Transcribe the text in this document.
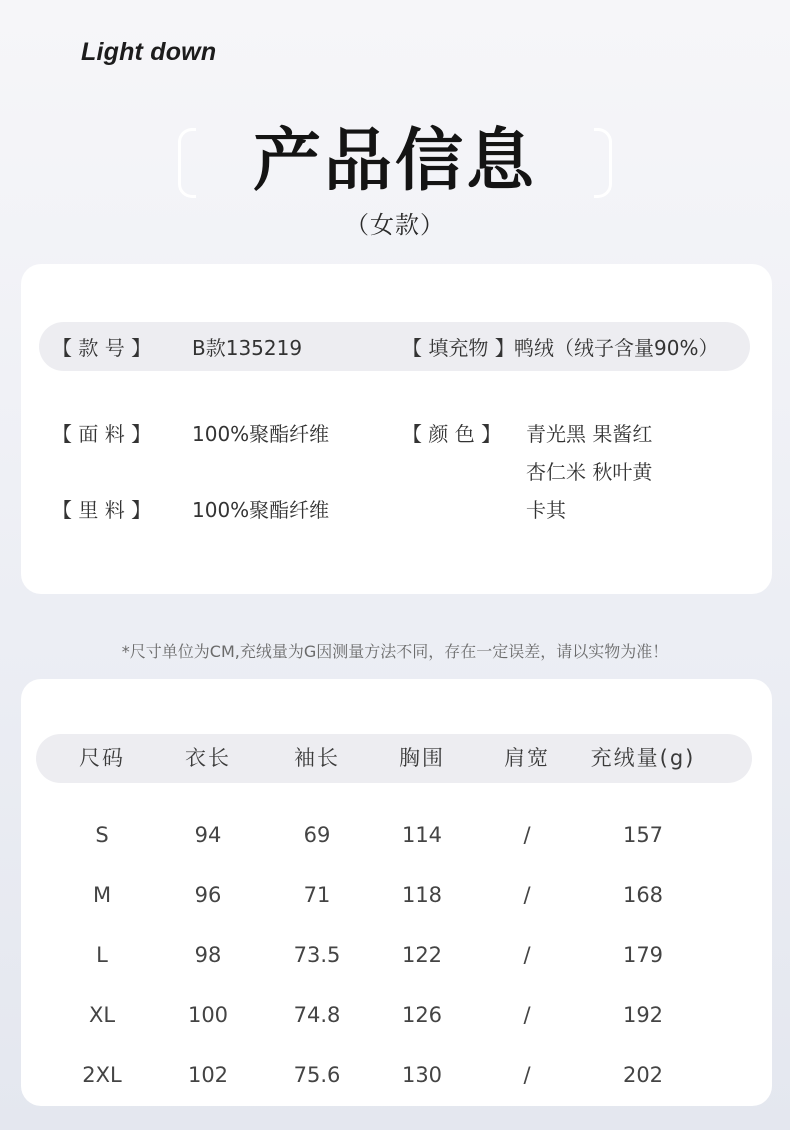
Light down
产品信息
（女款）
【 款 号 】 B款135219	【 填充物 】 鸭绒（绒子含量90%）
【 面 料 】 100%聚酯纤维	【 颜 色 】 青光黑 果酱红
杏仁米 秋叶黄
卡其
【 里 料 】 100%聚酯纤维
*尺寸单位为CM,充绒量为G因测量方法不同，存在一定误差，请以实物为准！
尺码	衣长	袖长	胸围	肩宽	充绒量(g)
S	94	69	114	/	157
M	96	71	118	/	168
L	98	73.5	122	/	179
XL	100	74.8	126	/	192
2XL	102	75.6	130	/	202
